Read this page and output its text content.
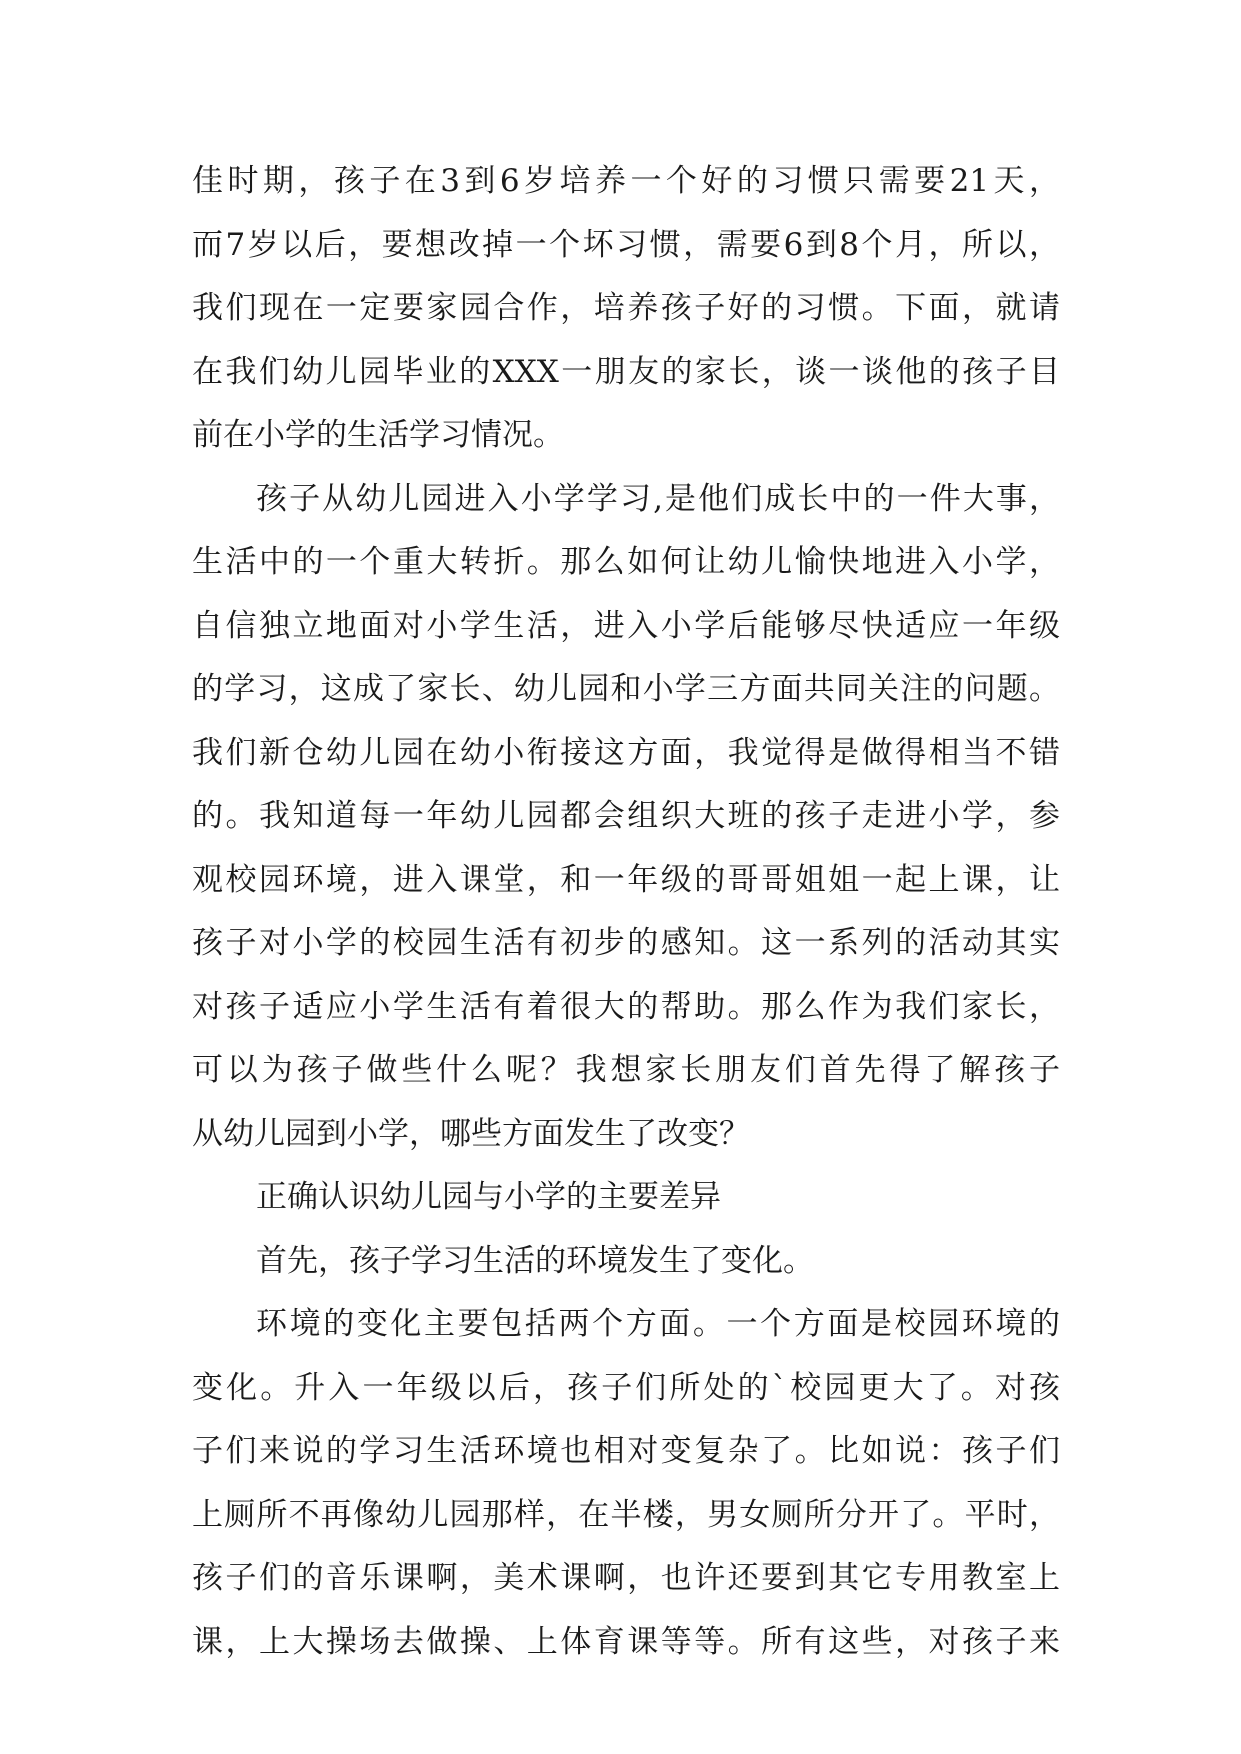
佳时期，孩子在3到6岁培养一个好的习惯只需要21天，
而7岁以后，要想改掉一个坏习惯，需要6到8个月，所以，
我们现在一定要家园合作，培养孩子好的习惯。下面，就请
在我们幼儿园毕业的XXX一朋友的家长，谈一谈他的孩子目
前在小学的生活学习情况。
孩子从幼儿园进入小学学习,是他们成长中的一件大事，
生活中的一个重大转折。那么如何让幼儿愉快地进入小学，
自信独立地面对小学生活，进入小学后能够尽快适应一年级
的学习，这成了家长、幼儿园和小学三方面共同关注的问题。
我们新仓幼儿园在幼小衔接这方面，我觉得是做得相当不错
的。我知道每一年幼儿园都会组织大班的孩子走进小学，参
观校园环境，进入课堂，和一年级的哥哥姐姐一起上课，让
孩子对小学的校园生活有初步的感知。这一系列的活动其实
对孩子适应小学生活有着很大的帮助。那么作为我们家长，
可以为孩子做些什么呢？我想家长朋友们首先得了解孩子
从幼儿园到小学，哪些方面发生了改变？
正确认识幼儿园与小学的主要差异
首先，孩子学习生活的环境发生了变化。
环境的变化主要包括两个方面。一个方面是校园环境的
变化。升入一年级以后，孩子们所处的`校园更大了。对孩
子们来说的学习生活环境也相对变复杂了。比如说：孩子们
上厕所不再像幼儿园那样，在半楼，男女厕所分开了。平时，
孩子们的音乐课啊，美术课啊，也许还要到其它专用教室上
课，上大操场去做操、上体育课等等。所有这些，对孩子来
